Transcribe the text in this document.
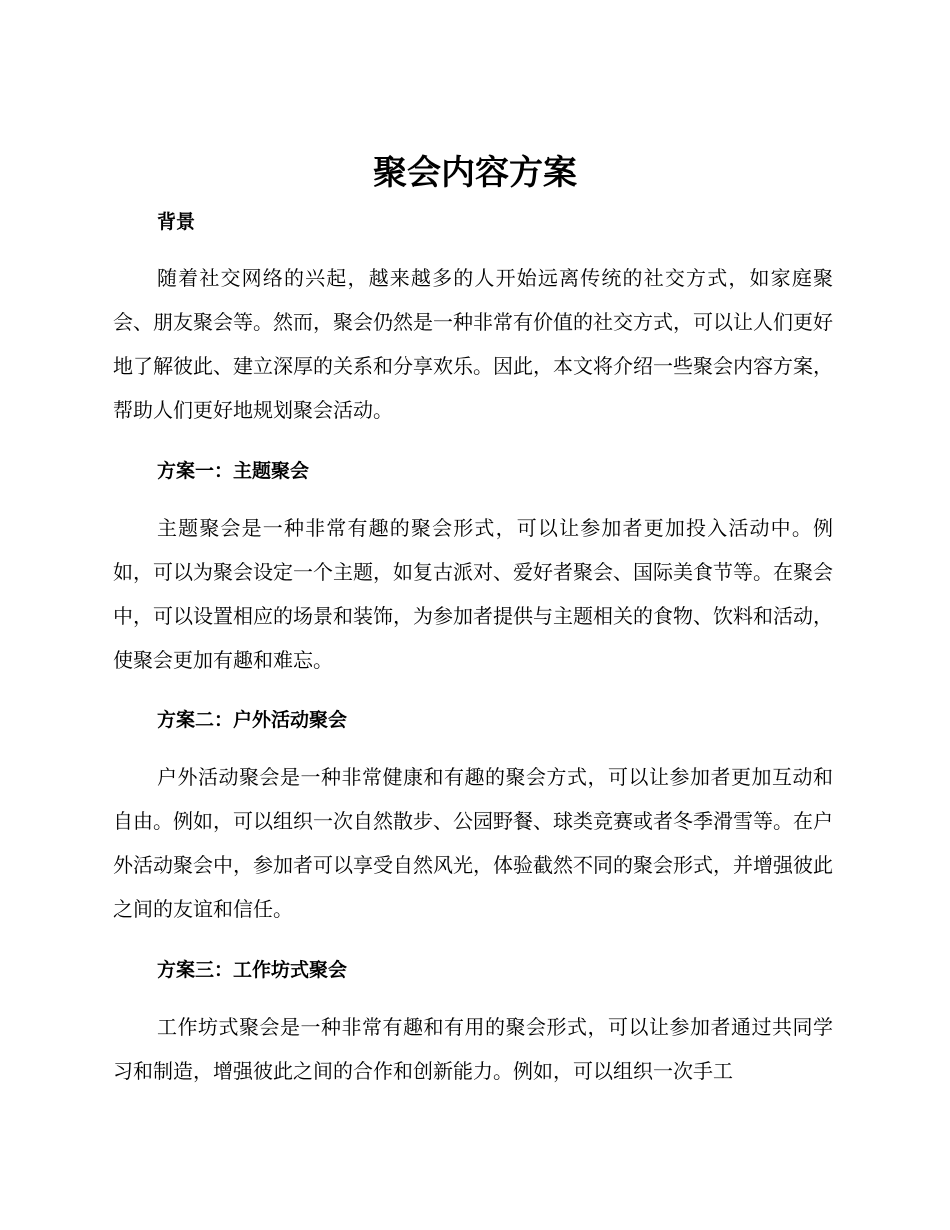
聚会内容方案
背景

随着社交网络的兴起，越来越多的人开始远离传统的社交方式，如家庭聚会、朋友聚会等。然而，聚会仍然是一种非常有价值的社交方式，可以让人们更好地了解彼此、建立深厚的关系和分享欢乐。因此，本文将介绍一些聚会内容方案，帮助人们更好地规划聚会活动。

方案一：主题聚会

主题聚会是一种非常有趣的聚会形式，可以让参加者更加投入活动中。例如，可以为聚会设定一个主题，如复古派对、爱好者聚会、国际美食节等。在聚会中，可以设置相应的场景和装饰，为参加者提供与主题相关的食物、饮料和活动，使聚会更加有趣和难忘。

方案二：户外活动聚会

户外活动聚会是一种非常健康和有趣的聚会方式，可以让参加者更加互动和自由。例如，可以组织一次自然散步、公园野餐、球类竞赛或者冬季滑雪等。在户外活动聚会中，参加者可以享受自然风光，体验截然不同的聚会形式，并增强彼此之间的友谊和信任。

方案三：工作坊式聚会

工作坊式聚会是一种非常有趣和有用的聚会形式，可以让参加者通过共同学习和制造，增强彼此之间的合作和创新能力。例如，可以组织一次手工
